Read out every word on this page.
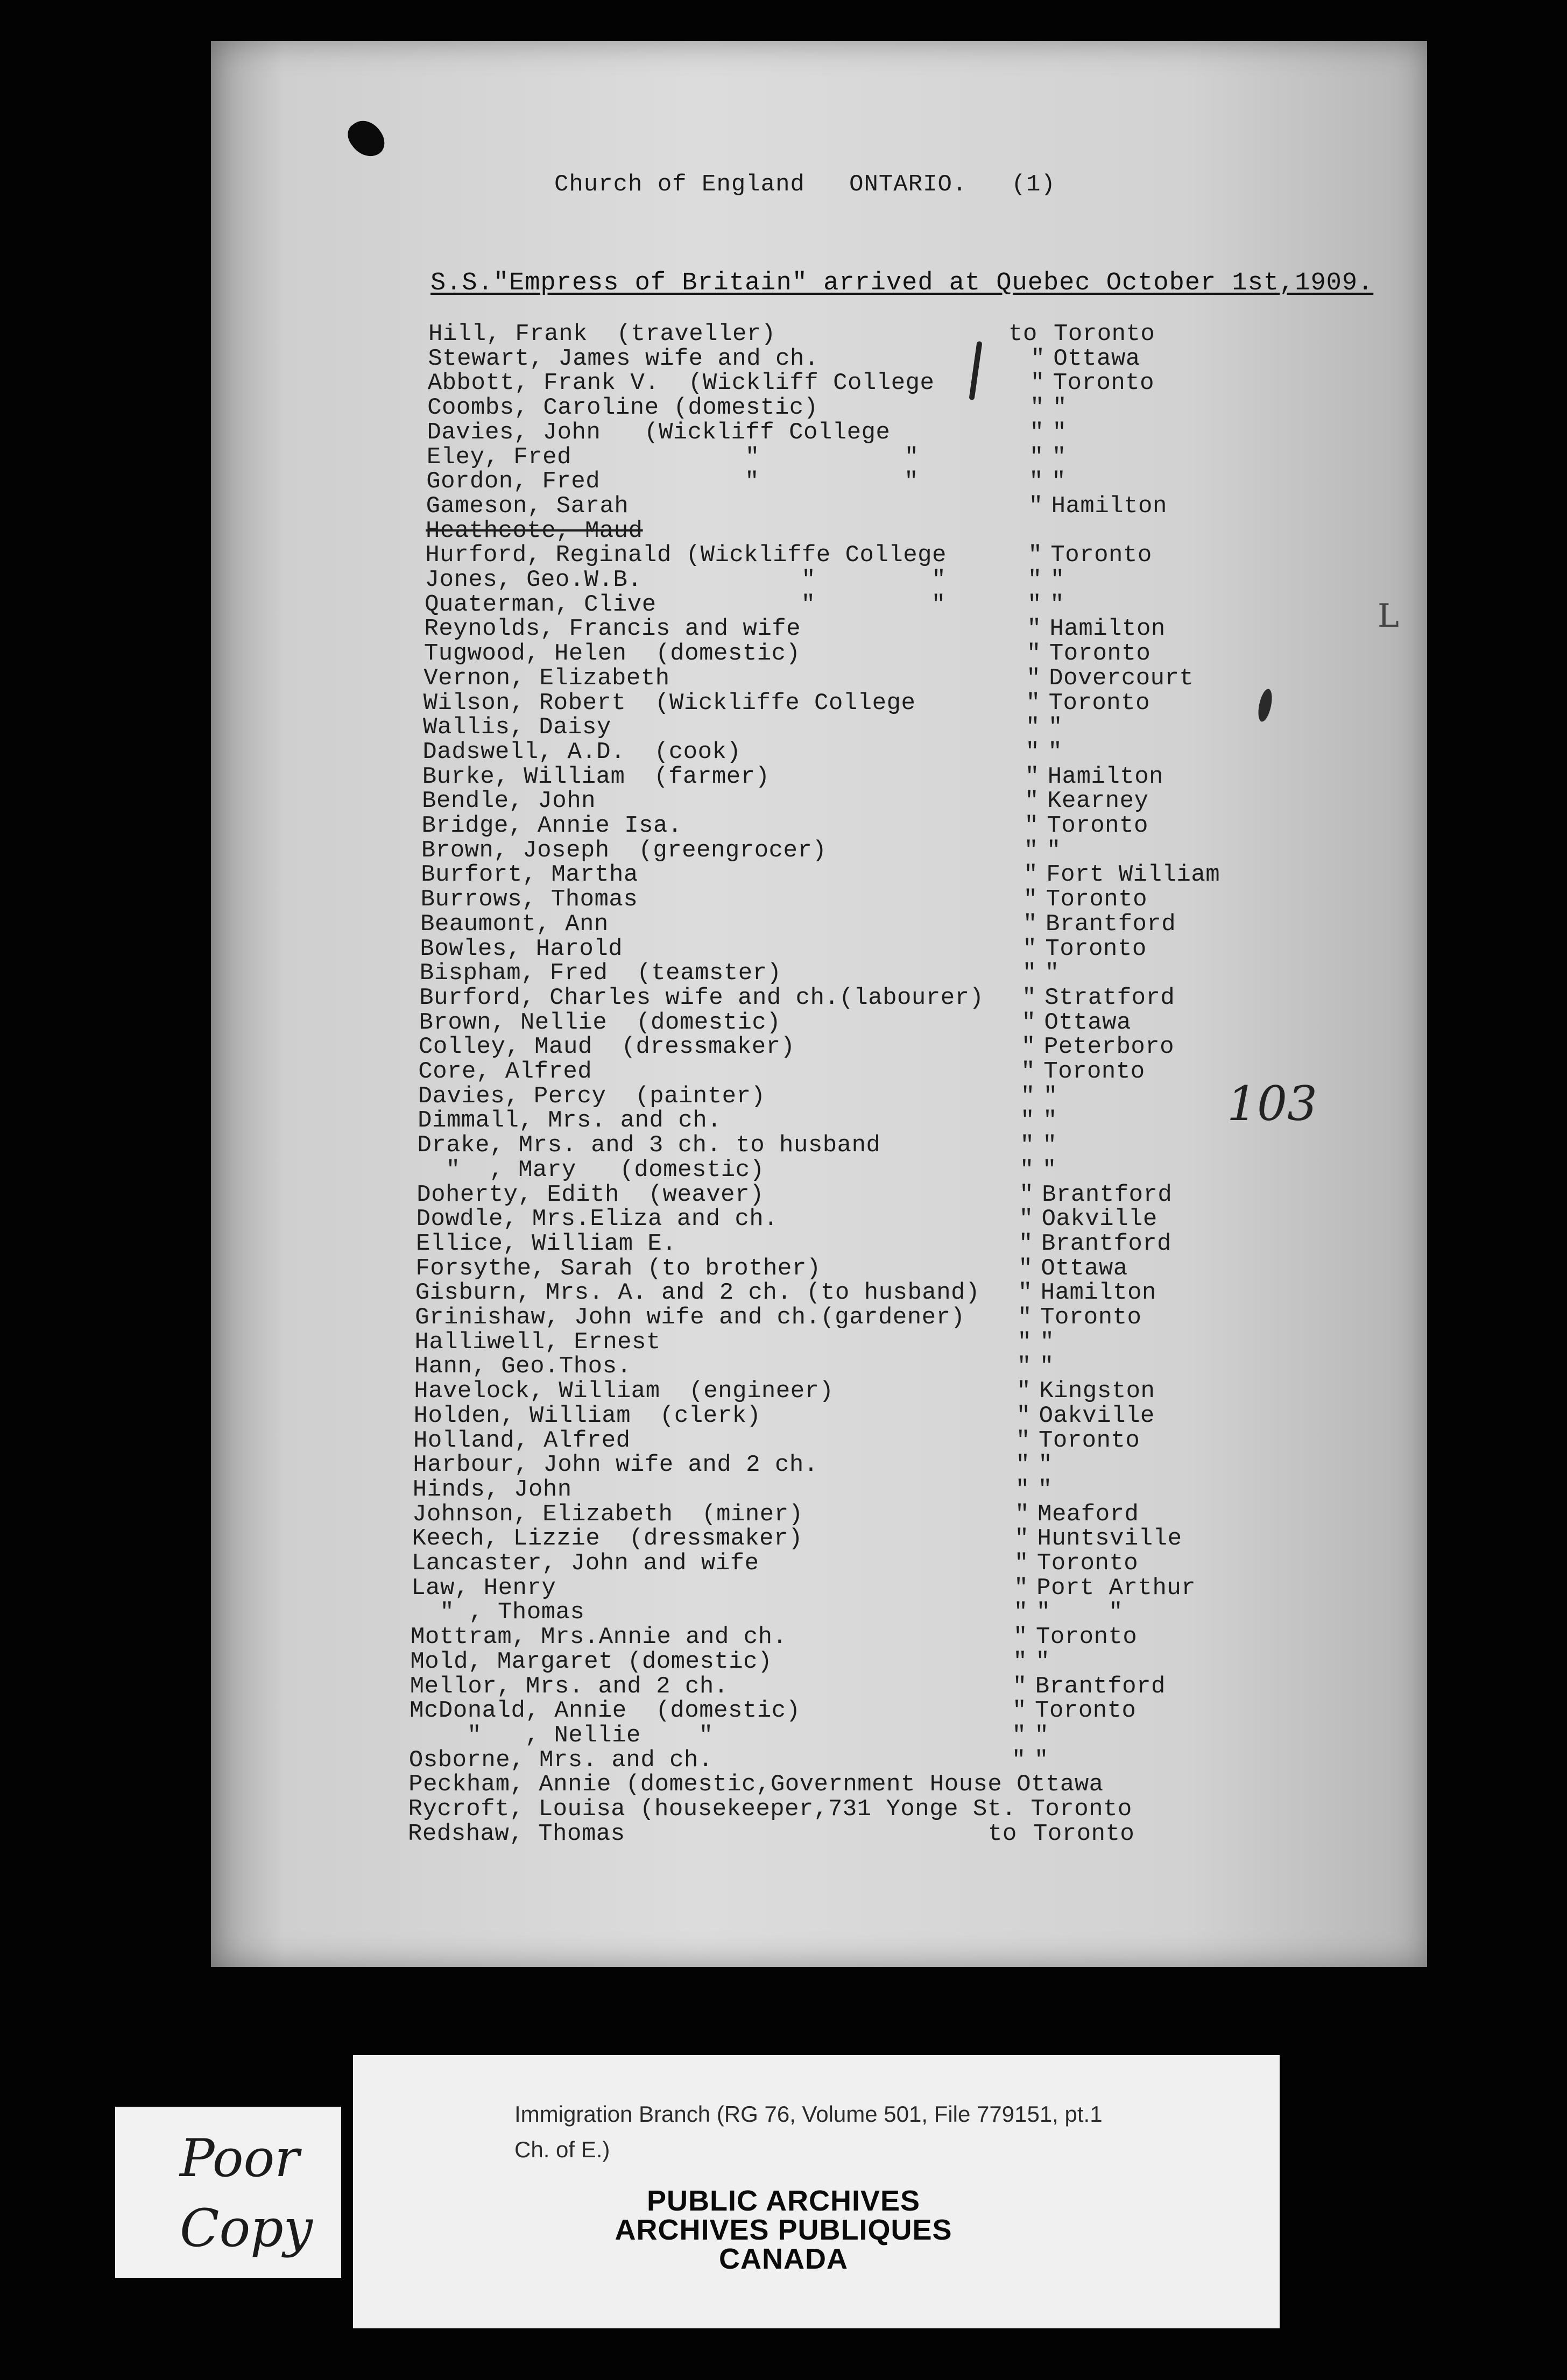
Church of England ONTARIO. (1)
S.S."Empress of Britain" arrived at Quebec October 1st,1909.
Hill, Frank  (traveller)	to Toronto
Stewart, James wife and ch.	" Ottawa
Abbott, Frank V.  (Wickliff College	" Toronto
Coombs, Caroline (domestic)	" "
Davies, John   (Wickliff College	" "
Eley, Fred            "          "	" "
Gordon, Fred          "          "	" "
Gameson, Sarah	" Hamilton
Heathcote, Maud
Hurford, Reginald (Wickliffe College	" Toronto
Jones, Geo.W.B.           "        "	" "
Quaterman, Clive          "        "	" "
Reynolds, Francis and wife	" Hamilton
Tugwood, Helen  (domestic)	" Toronto
Vernon, Elizabeth	" Dovercourt
Wilson, Robert  (Wickliffe College	" Toronto
Wallis, Daisy	" "
Dadswell, A.D.  (cook)	" "
Burke, William  (farmer)	" Hamilton
Bendle, John	" Kearney
Bridge, Annie Isa.	" Toronto
Brown, Joseph  (greengrocer)	" "
Burfort, Martha	" Fort William
Burrows, Thomas	" Toronto
Beaumont, Ann	" Brantford
Bowles, Harold	" Toronto
Bispham, Fred  (teamster)	" "
Burford, Charles wife and ch.(labourer) " Stratford
Brown, Nellie  (domestic)	" Ottawa
Colley, Maud  (dressmaker)	" Peterboro
Core, Alfred	" Toronto
Davies, Percy  (painter)	" "
Dimmall, Mrs. and ch.	" "
Drake, Mrs. and 3 ch. to husband	" "
"  , Mary   (domestic)	" "
Doherty, Edith  (weaver)	" Brantford
Dowdle, Mrs.Eliza and ch.	" Oakville
Ellice, William E.	" Brantford
Forsythe, Sarah (to brother)	" Ottawa
Gisburn, Mrs. A. and 2 ch. (to husband) " Hamilton
Grinishaw, John wife and ch.(gardener) " Toronto
Halliwell, Ernest	" "
Hann, Geo.Thos.	" "
Havelock, William  (engineer)	" Kingston
Holden, William  (clerk)	" Oakville
Holland, Alfred	" Toronto
Harbour, John wife and 2 ch.	" "
Hinds, John	" "
Johnson, Elizabeth  (miner)	" Meaford
Keech, Lizzie  (dressmaker)	" Huntsville
Lancaster, John and wife	" Toronto
Law, Henry	" Port Arthur
" , Thomas	" "    "
Mottram, Mrs.Annie and ch.	" Toronto
Mold, Margaret (domestic)	" "
Mellor, Mrs. and 2 ch.	" Brantford
McDonald, Annie  (domestic)	" Toronto
"   , Nellie    "	" "
Osborne, Mrs. and ch.	" "
Peckham, Annie (domestic,Government House Ottawa
Rycroft, Louisa (housekeeper,731 Yonge St. Toronto
Redshaw, Thomas	to Toronto
L
103
Poor
Copy
Immigration Branch (RG 76, Volume 501, File 779151, pt.1
Ch. of E.)
PUBLIC ARCHIVES
ARCHIVES PUBLIQUES
CANADA
